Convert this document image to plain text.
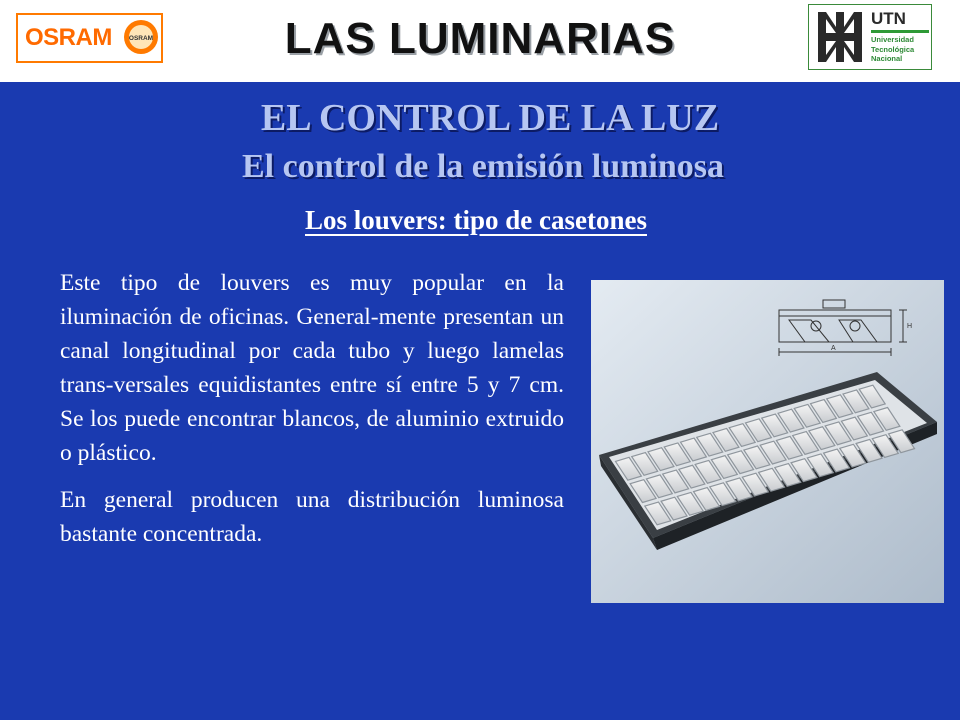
OSRAM	OSRAM	LAS LUMINARIAS	UTN
Universidad
Tecnológica
Nacional
EL CONTROL DE LA LUZ
El control de la emisión luminosa
Los louvers: tipo de casetones

Este tipo de louvers es muy popular en la iluminación de oficinas. General-mente presentan un canal longitudinal por cada tubo y luego lamelas trans-versales equidistantes entre sí entre 5 y 7 cm. Se los puede encontrar blancos, de aluminio extruido o plástico.

En general producen una distribución luminosa bastante concentrada.

A
H
